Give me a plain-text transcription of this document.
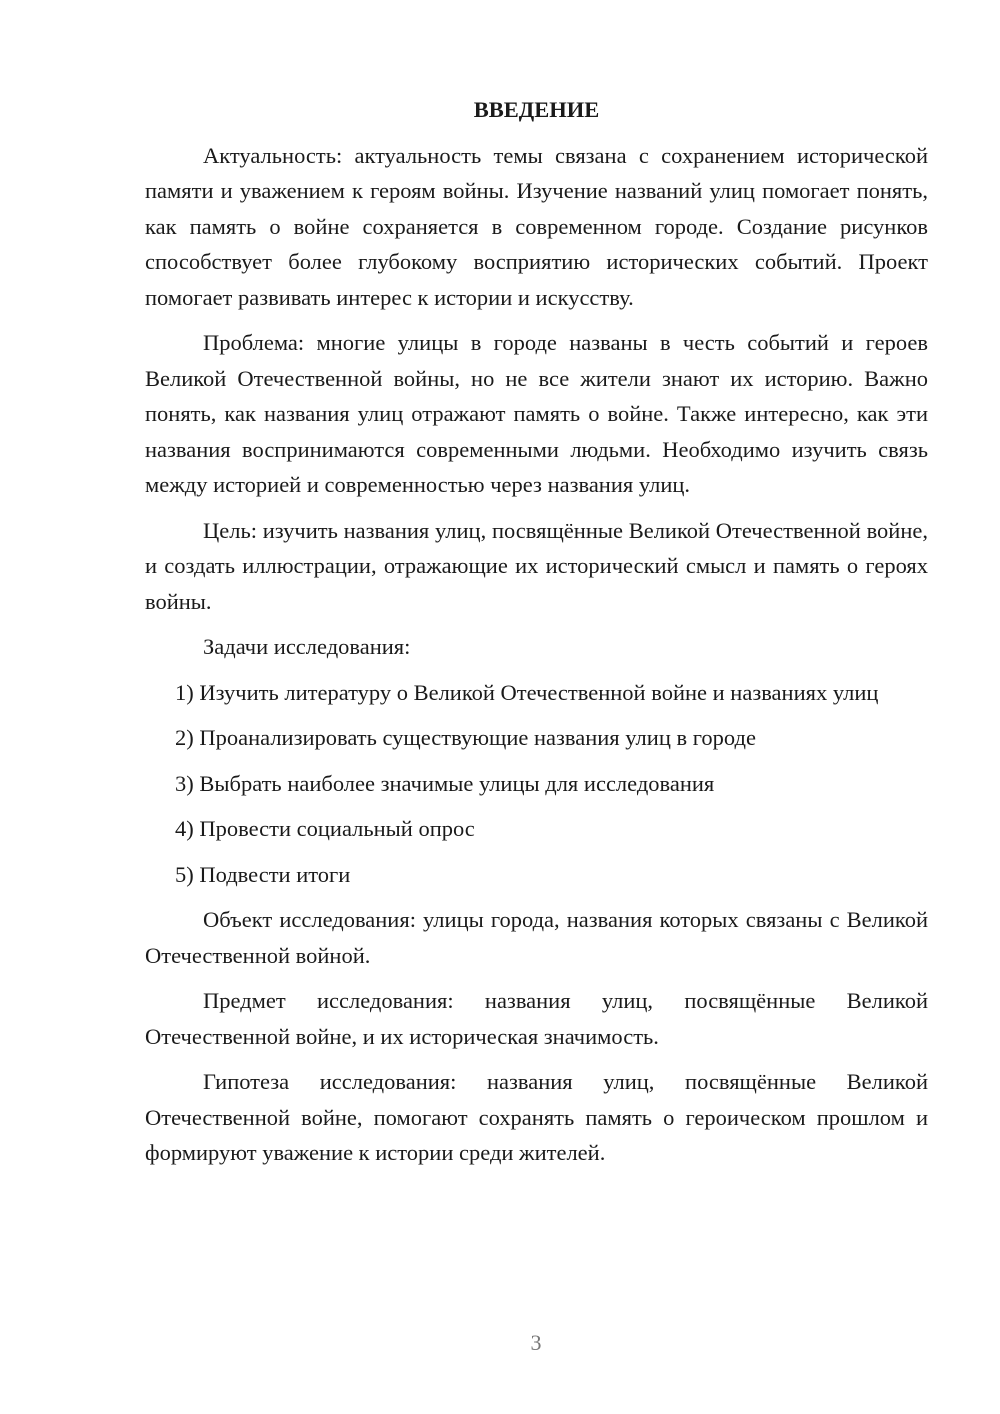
ВВЕДЕНИЕ

Актуальность: актуальность темы связана с сохранением исторической памяти и уважением к героям войны. Изучение названий улиц помогает понять, как память о войне сохраняется в современном городе. Создание рисунков способствует более глубокому восприятию исторических событий. Проект помогает развивать интерес к истории и искусству.

Проблема: многие улицы в городе названы в честь событий и героев Великой Отечественной войны, но не все жители знают их историю. Важно понять, как названия улиц отражают память о войне. Также интересно, как эти названия воспринимаются современными людьми. Необходимо изучить связь между историей и современностью через названия улиц.

Цель: изучить названия улиц, посвящённые Великой Отечественной войне, и создать иллюстрации, отражающие их исторический смысл и память о героях войны.

Задачи исследования:

1) Изучить литературу о Великой Отечественной войне и названиях улиц

2) Проанализировать существующие названия улиц в городе

3) Выбрать наиболее значимые улицы для исследования

4) Провести социальный опрос

5) Подвести итоги

Объект исследования: улицы города, названия которых связаны с Великой Отечественной войной.

Предмет исследования: названия улиц, посвящённые Великой Отечественной войне, и их историческая значимость.

Гипотеза исследования: названия улиц, посвящённые Великой Отечественной войне, помогают сохранять память о героическом прошлом и формируют уважение к истории среди жителей.

3
